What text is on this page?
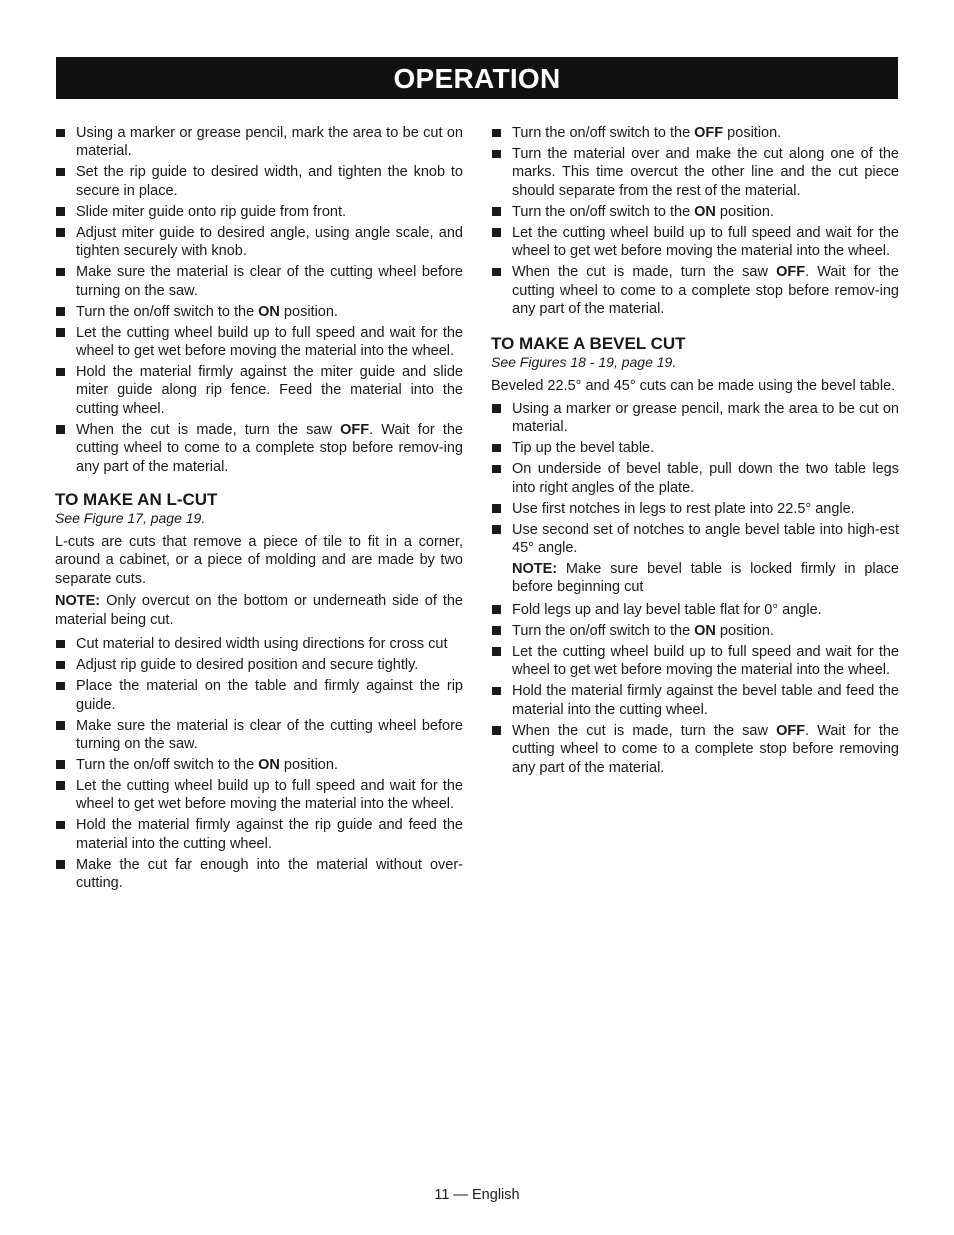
OPERATION
Using a marker or grease pencil, mark the area to be cut on material.
Set the rip guide to desired width, and tighten the knob to secure in place.
Slide miter guide onto rip guide from front.
Adjust miter guide to desired angle, using angle scale, and tighten securely with knob.
Make sure the material is clear of the cutting wheel before turning on the saw.
Turn the on/off switch to the ON position.
Let the cutting wheel build up to full speed and wait for the wheel to get wet before moving the material into the wheel.
Hold the material firmly against the miter guide and slide miter guide along rip fence. Feed the material into the cutting wheel.
When the cut is made, turn the saw OFF. Wait for the cutting wheel to come to a complete stop before remov-ing any part of the material.
TO MAKE AN L-CUT
See Figure 17, page 19.

L-cuts are cuts that remove a piece of tile to fit in a corner, around a cabinet, or a piece of molding and are made by two separate cuts.

NOTE: Only overcut on the bottom or underneath side of the material being cut.

Cut material to desired width using directions for cross cut
Adjust rip guide to desired position and secure tightly.
Place the material on the table and firmly against the rip guide.
Make sure the material is clear of the cutting wheel before turning on the saw.
Turn the on/off switch to the ON position.
Let the cutting wheel build up to full speed and wait for the wheel to get wet before moving the material into the wheel.
Hold the material firmly against the rip guide and feed the material into the cutting wheel.
Make the cut far enough into the material without over-cutting.
Turn the on/off switch to the OFF position.
Turn the material over and make the cut along one of the marks. This time overcut the other line and the cut piece should separate from the rest of the material.
Turn the on/off switch to the ON position.
Let the cutting wheel build up to full speed and wait for the wheel to get wet before moving the material into the wheel.
When the cut is made, turn the saw OFF. Wait for the cutting wheel to come to a complete stop before remov-ing any part of the material.
TO MAKE A BEVEL CUT
See Figures 18 - 19, page 19.

Beveled 22.5° and 45° cuts can be made using the bevel table.

Using a marker or grease pencil, mark the area to be cut on material.
Tip up the bevel table.
On underside of bevel table, pull down the two table legs into right angles of the plate.
Use first notches in legs to rest plate into 22.5° angle.
Use second set of notches to angle bevel table into high-est 45° angle.

NOTE: Make sure bevel table is locked firmly in place before beginning cut

Fold legs up and lay bevel table flat for 0° angle.
Turn the on/off switch to the ON position.
Let the cutting wheel build up to full speed and wait for the wheel to get wet before moving the material into the wheel.
Hold the material firmly against the bevel table and feed the material into the cutting wheel.
When the cut is made, turn the saw OFF. Wait for the cutting wheel to come to a complete stop before removing any part of the material.
11 — English
